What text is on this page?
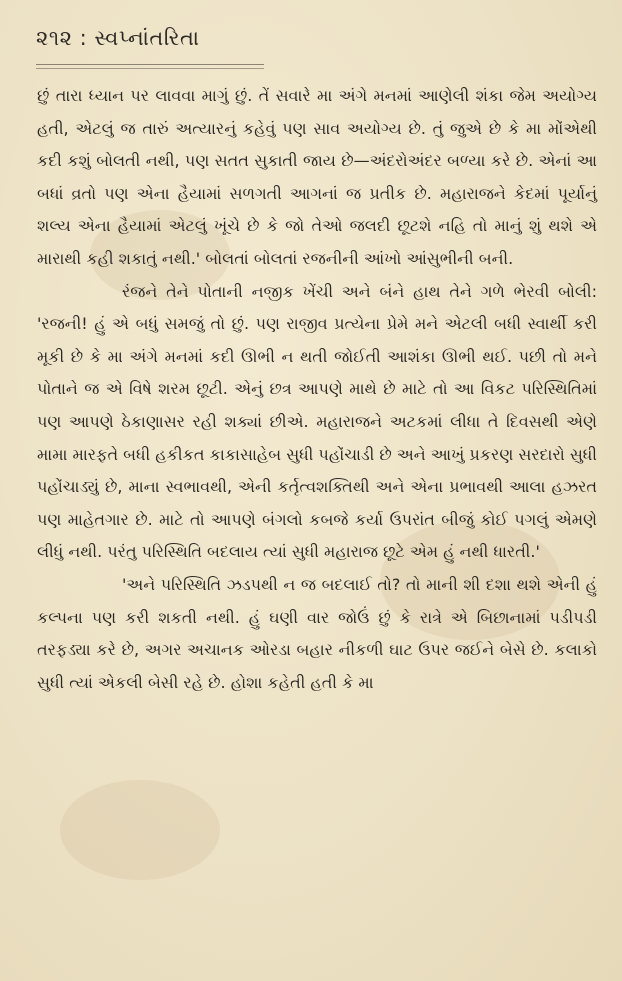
૨૧૨ : સ્વપ્નાંતરિતા

છું તારા ધ્યાન પર લાવવા માગું છું. તેં સવારે મા અંગે મનમાં આણેલી શંકા જેમ અયોગ્ય હતી, એટલું જ તારું અત્યારનું કહેવું પણ સાવ અયોગ્ય છે. તું જુએ છે કે મા મોંએથી કદી કશું બોલતી નથી, પણ સતત સુકાતી જાય છે—અંદરોઅંદર બળ્યા કરે છે. એનાં આ બધાં વ્રતો પણ એના હૈયામાં સળગતી આગનાં જ પ્રતીક છે. મહારાજને કેદમાં પૂર્યાનું શલ્ય એના હૈયામાં એટલું ખૂંચે છે કે જો તેઓ જલદી છૂટશે નહિ તો માનું શું થશે એ મારાથી કહી શકાતું નથી.' બોલતાં બોલતાં રજનીની આંખો આંસુભીની બની.

રંજને તેને પોતાની નજીક ખેંચી અને બંને હાથ તેને ગળે ભેરવી બોલી: 'રજની! હું એ બધું સમજું તો છું. પણ રાજીવ પ્રત્યેના પ્રેમે મને એટલી બધી સ્વાર્થી કરી મૂકી છે કે મા અંગે મનમાં કદી ઊભી ન થતી જોઈતી આશંકા ઊભી થઈ. પછી તો મને પોતાને જ એ વિષે શરમ છૂટી. એનું છત્ર આપણે માથે છે માટે તો આ વિકટ પરિસ્થિતિમાં પણ આપણે ઠેકાણાસર રહી શક્યાં છીએ. મહારાજને અટકમાં લીધા તે દિવસથી એણે મામા મારફતે બધી હકીકત કાકાસાહેબ સુધી પહોંચાડી છે અને આખું પ્રકરણ સરદારો સુધી પહોંચાડ્યું છે, માના સ્વભાવથી, એની કર્તૃત્વશક્તિથી અને એના પ્રભાવથી આલા હઝરત પણ માહેતગાર છે. માટે તો આપણે બંગલો કબજે કર્યા ઉપરાંત બીજું કોઈ પગલું એમણે લીધું નથી. પરંતુ પરિસ્થિતિ બદલાય ત્યાં સુધી મહારાજ છૂટે એમ હું નથી ધારતી.'

'અને પરિસ્થિતિ ઝડપથી ન જ બદલાઈ તો? તો માની શી દશા થશે એની હું કલ્પના પણ કરી શકતી નથી. હું ઘણી વાર જોઉં છું કે રાત્રે એ બિછાનામાં પડીપડી તરફડ્યા કરે છે, અગર અચાનક ઓરડા બહાર નીકળી ઘાટ ઉપર જઈને બેસે છે. કલાકો સુધી ત્યાં એકલી બેસી રહે છે. હોશા કહેતી હતી કે મા
